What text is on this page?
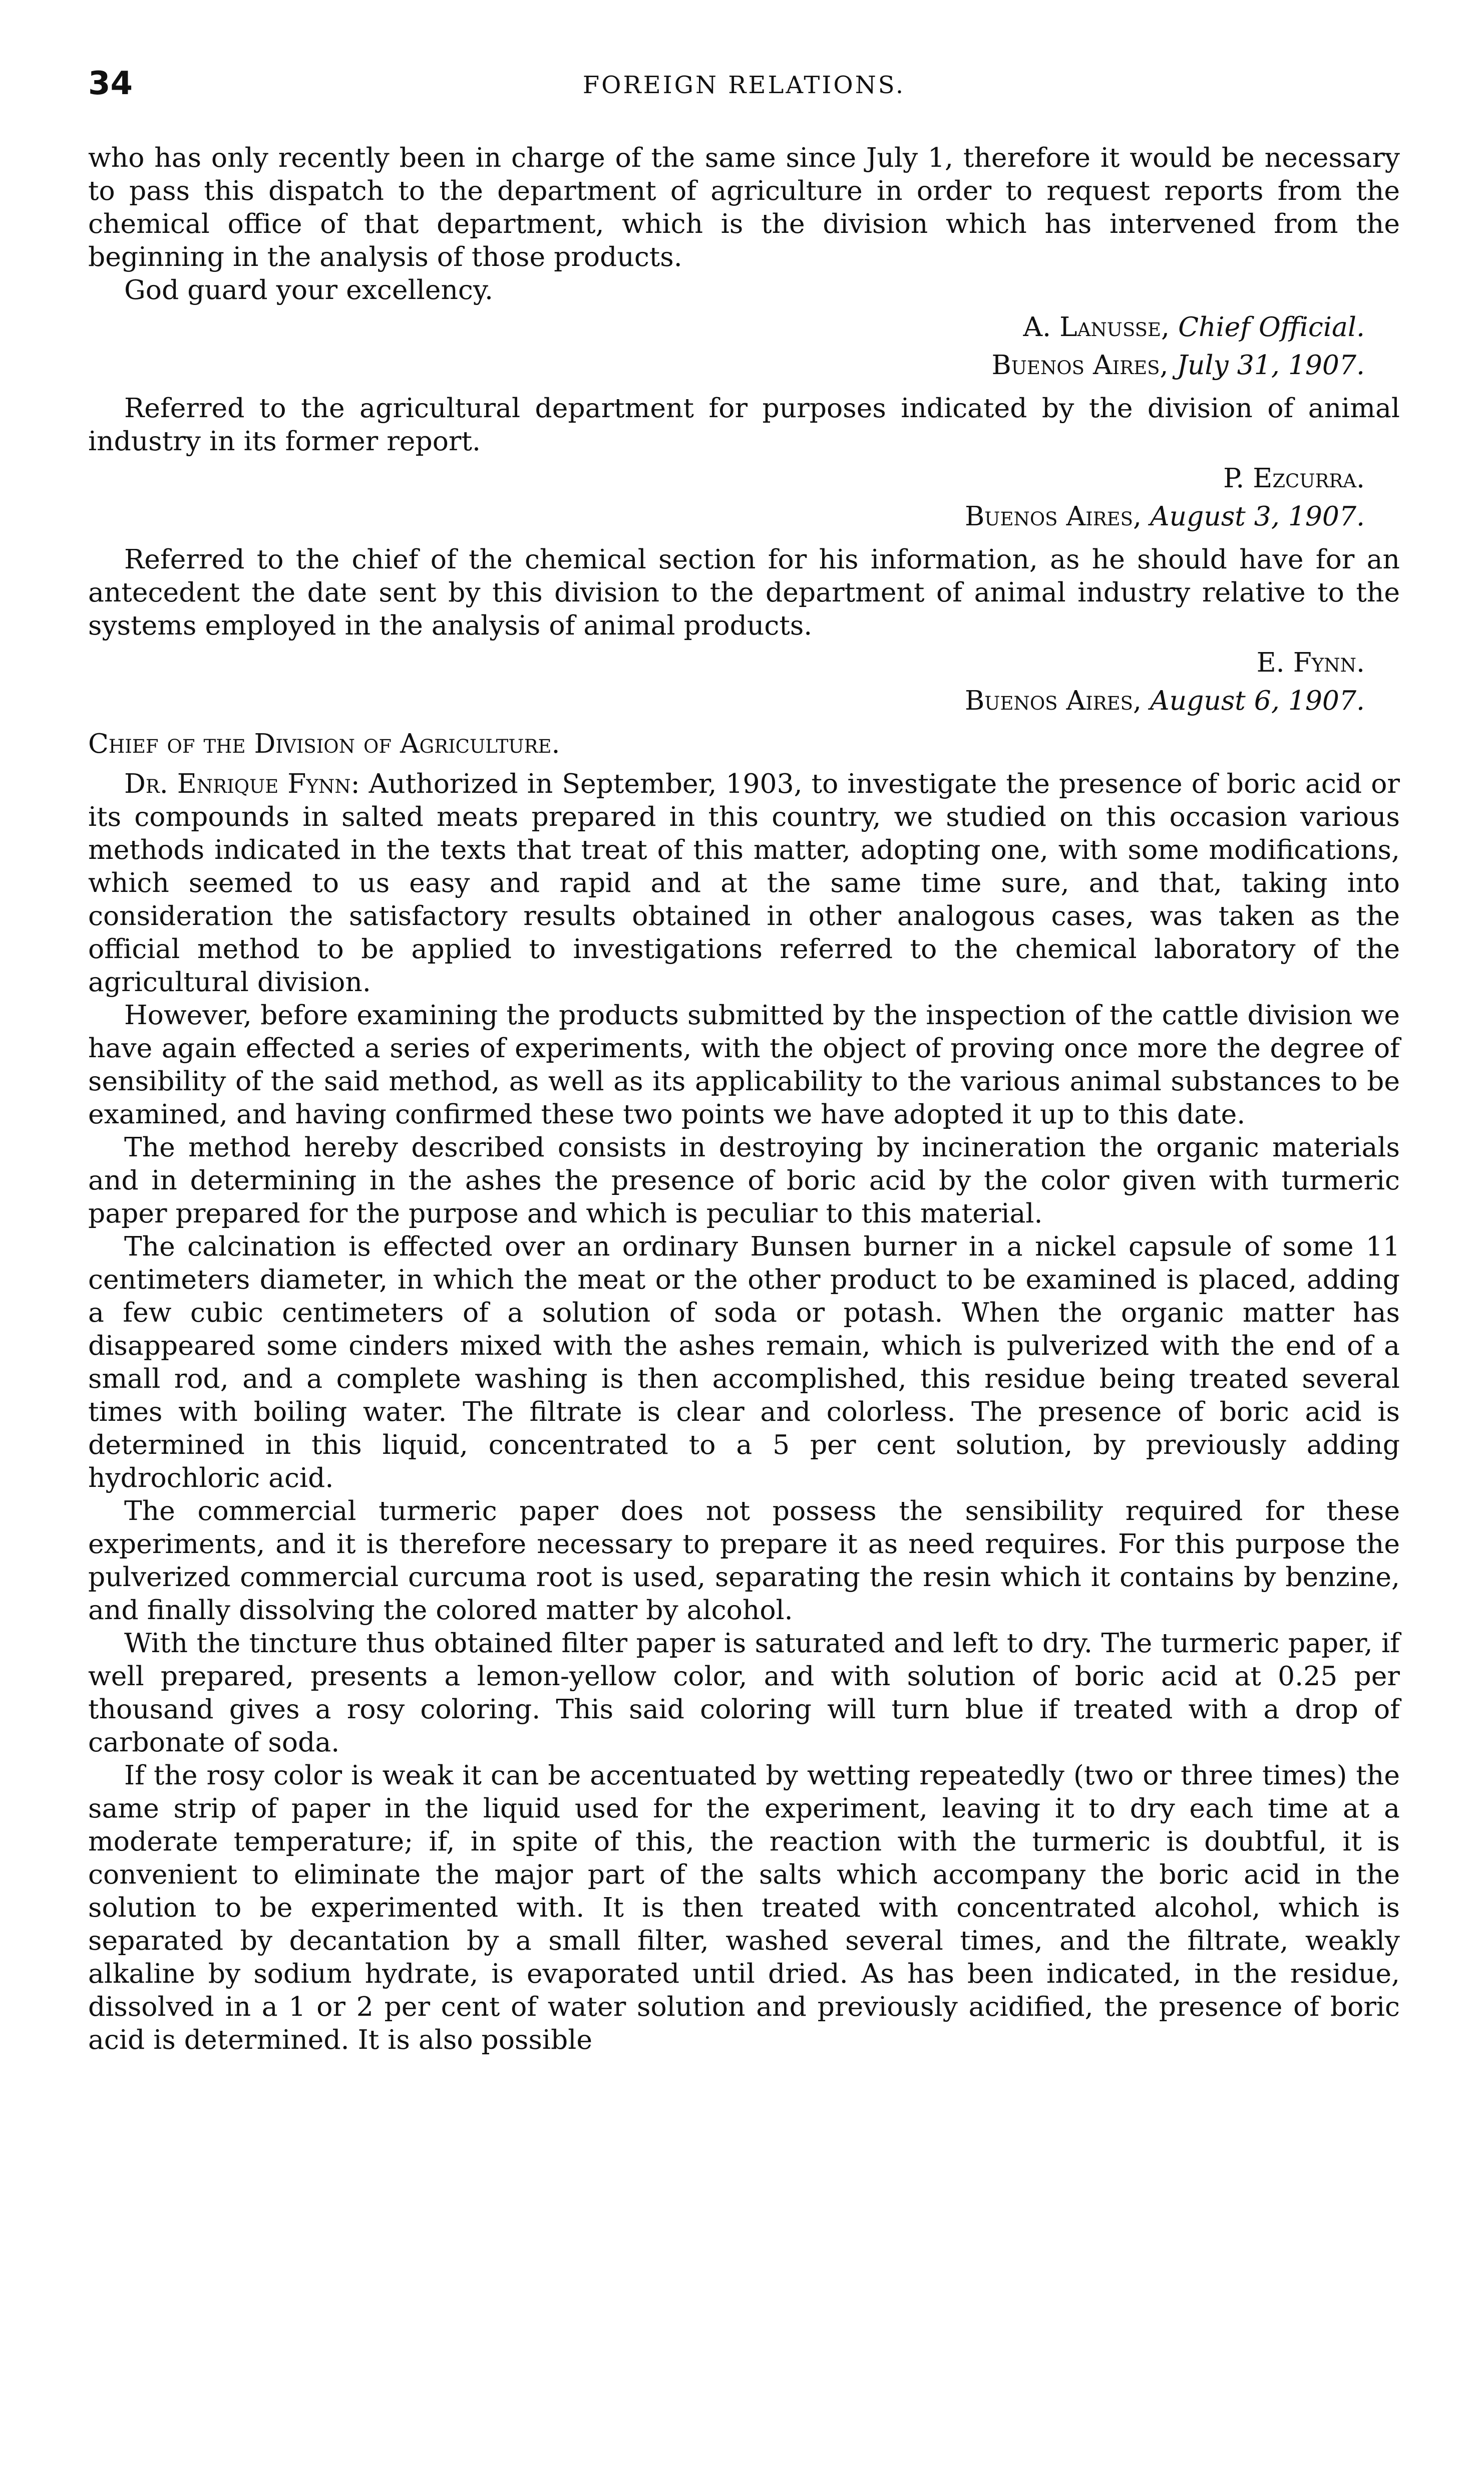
34	FOREIGN RELATIONS.

who has only recently been in charge of the same since July 1, therefore it would be necessary to pass this dispatch to the department of agriculture in order to request reports from the chemical office of that department, which is the division which has intervened from the beginning in the analysis of those products.

God guard your excellency.

A. Lanusse, Chief Official.
Buenos Aires, July 31, 1907.

Referred to the agricultural department for purposes indicated by the division of animal industry in its former report.

P. Ezcurra.
Buenos Aires, August 3, 1907.

Referred to the chief of the chemical section for his information, as he should have for an antecedent the date sent by this division to the department of animal industry relative to the systems employed in the analysis of animal products.

E. Fynn.
Buenos Aires, August 6, 1907.

Chief of the Division of Agriculture.

Dr. Enrique Fynn: Authorized in September, 1903, to investigate the presence of boric acid or its compounds in salted meats prepared in this country, we studied on this occasion various methods indicated in the texts that treat of this matter, adopting one, with some modifications, which seemed to us easy and rapid and at the same time sure, and that, taking into consideration the satisfactory results obtained in other analogous cases, was taken as the official method to be applied to investigations referred to the chemical laboratory of the agricultural division.

However, before examining the products submitted by the inspection of the cattle division we have again effected a series of experiments, with the object of proving once more the degree of sensibility of the said method, as well as its applicability to the various animal substances to be examined, and having confirmed these two points we have adopted it up to this date.

The method hereby described consists in destroying by incineration the organic materials and in determining in the ashes the presence of boric acid by the color given with turmeric paper prepared for the purpose and which is peculiar to this material.

The calcination is effected over an ordinary Bunsen burner in a nickel capsule of some 11 centimeters diameter, in which the meat or the other product to be examined is placed, adding a few cubic centimeters of a solution of soda or potash. When the organic matter has disappeared some cinders mixed with the ashes remain, which is pulverized with the end of a small rod, and a complete washing is then accomplished, this residue being treated several times with boiling water. The filtrate is clear and colorless. The presence of boric acid is determined in this liquid, concentrated to a 5 per cent solution, by previously adding hydrochloric acid.

The commercial turmeric paper does not possess the sensibility required for these experiments, and it is therefore necessary to prepare it as need requires. For this purpose the pulverized commercial curcuma root is used, separating the resin which it contains by benzine, and finally dissolving the colored matter by alcohol.

With the tincture thus obtained filter paper is saturated and left to dry. The turmeric paper, if well prepared, presents a lemon-yellow color, and with solution of boric acid at 0.25 per thousand gives a rosy coloring. This said coloring will turn blue if treated with a drop of carbonate of soda.

If the rosy color is weak it can be accentuated by wetting repeatedly (two or three times) the same strip of paper in the liquid used for the experiment, leaving it to dry each time at a moderate temperature; if, in spite of this, the reaction with the turmeric is doubtful, it is convenient to eliminate the major part of the salts which accompany the boric acid in the solution to be experimented with. It is then treated with concentrated alcohol, which is separated by decantation by a small filter, washed several times, and the filtrate, weakly alkaline by sodium hydrate, is evaporated until dried. As has been indicated, in the residue, dissolved in a 1 or 2 per cent of water solution and previously acidified, the presence of boric acid is determined. It is also possible
